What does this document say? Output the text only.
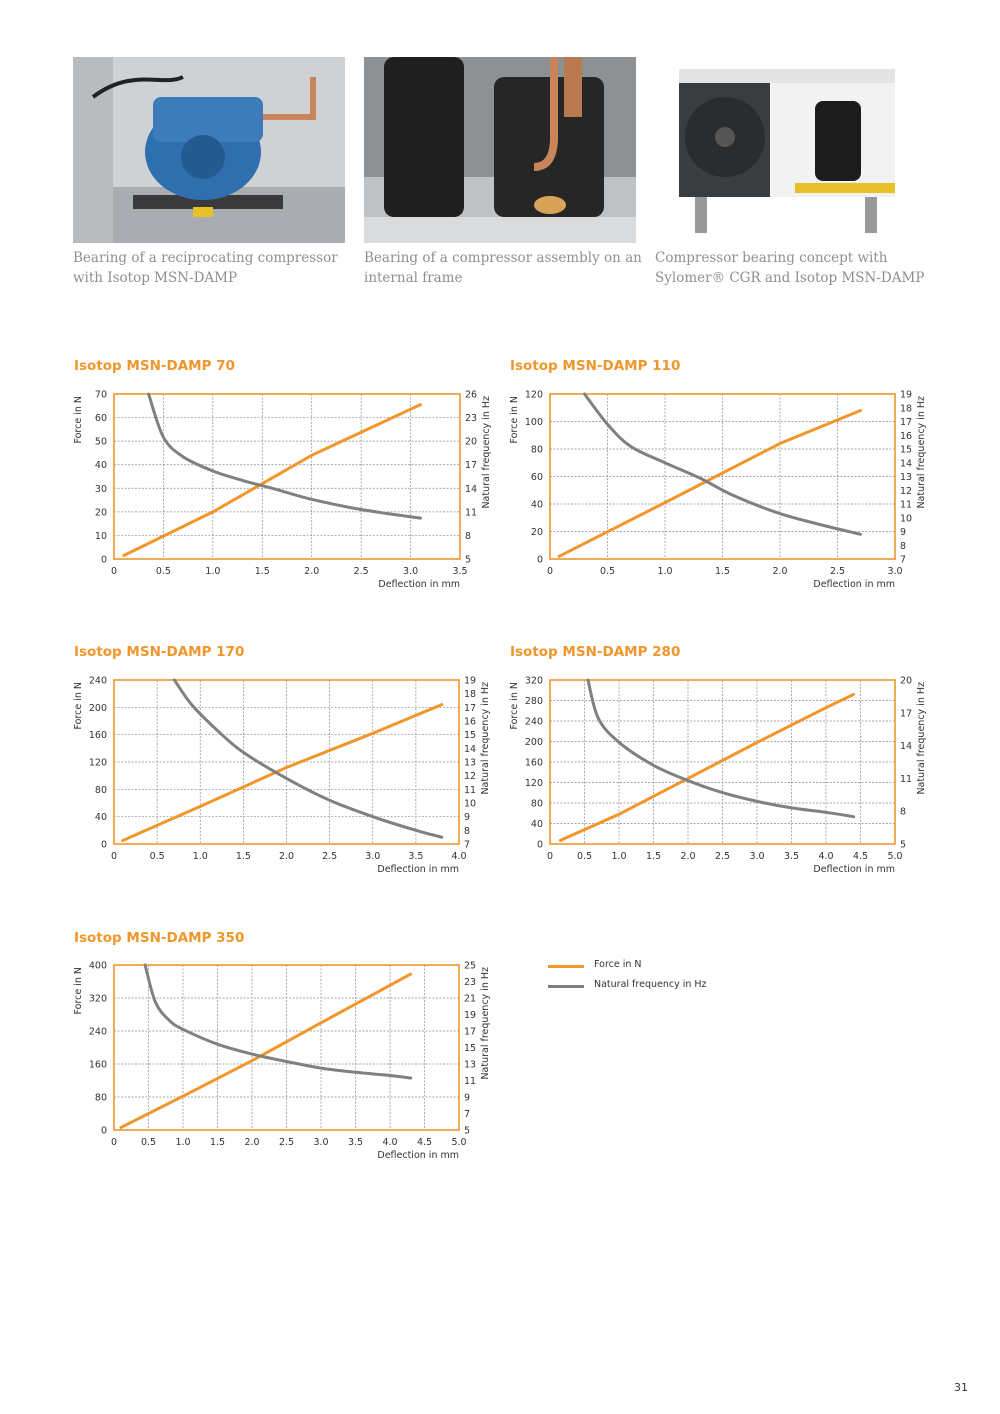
Bearing of a reciprocating compressor
with Isotop MSN-DAMP
Bearing of a compressor assembly on an
internal frame
Compressor bearing concept with
Sylomer® CGR and Isotop MSN-DAMP
Isotop MSN-DAMP 70	Isotop MSN-DAMP 110
Isotop MSN-DAMP 170	Isotop MSN-DAMP 280
Isotop MSN-DAMP 350
0	0.5	1.0	1.5	2.0	2.5	3.0	3.5
0
10
20
30
40
50
60
70
5
8
11
14
17
20
23
26
Deflection in mm
Force in N	Natural frequency in Hz
0	0.5	1.0	1.5	2.0	2.5	3.0
0
20
40
60
80
100
120
7
8
9
10
11
12
13
14
15
16
17
18
19
Deflection in mm
Force in N	Natural frequency in Hz
0	0.5	1.0	1.5	2.0	2.5	3.0	3.5	4.0
0
40
80
120
160
200
240
7
8
9
10
11
12
13
14
15
16
17
18
19
Deflection in mm
Force in N	Natural frequency in Hz
0	0.5 1.0 1.5 2.0 2.5 3.0 3.5 4.0 4.5 5.0
0
40
80
120
160
200
240
280
320
5
8
11
14
17
20
Deflection in mm
Force in N	Natural frequency in Hz
0	0.5 1.0 1.5 2.0 2.5 3.0 3.5 4.0 4.5 5.0
0
80
160
240
320
400
5
7
9
11
13
15
17
19
21
23
25
Deflection in mm
Force in N	Natural frequency in Hz
Force in N
Natural frequency in Hz
31
